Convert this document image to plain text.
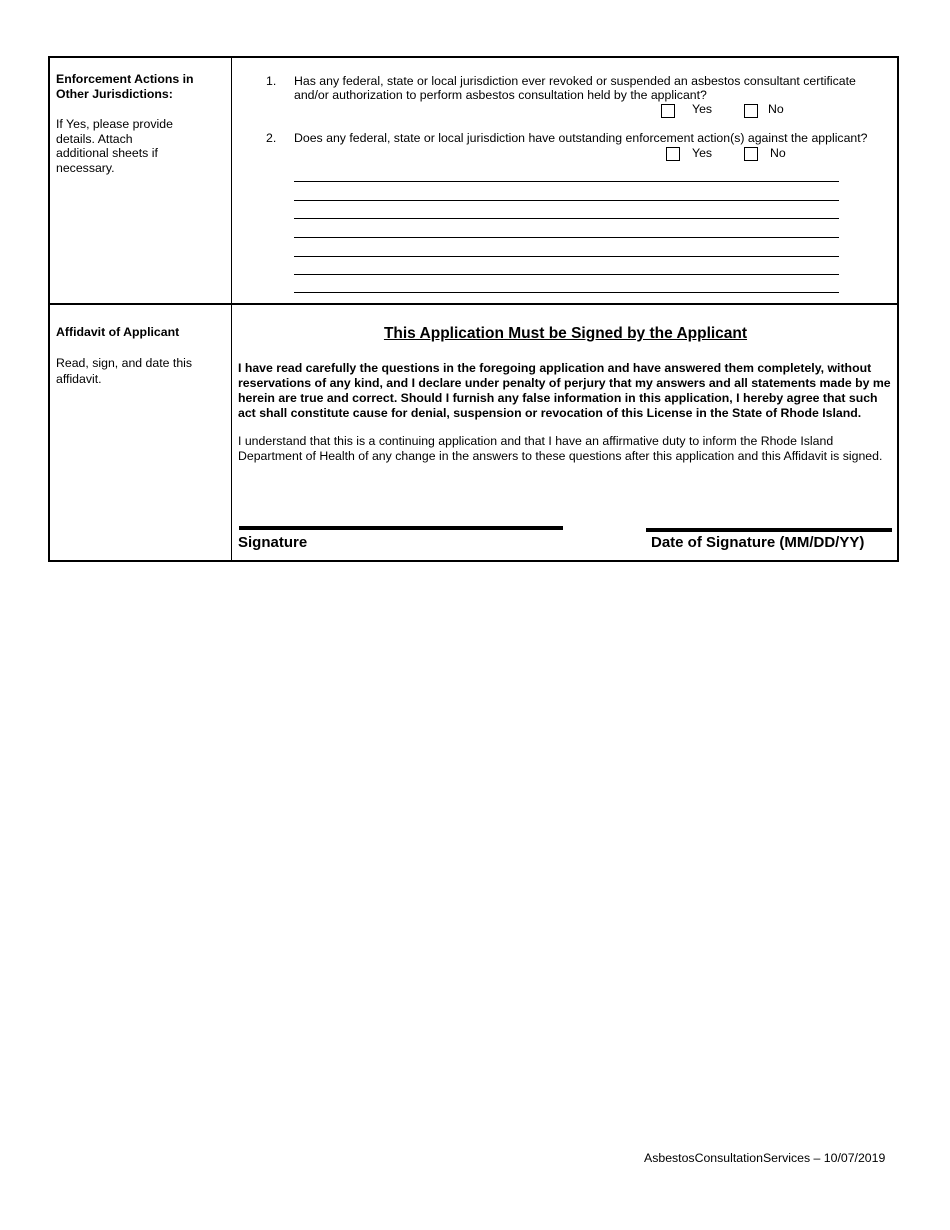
Enforcement Actions in Other Jurisdictions:
If Yes, please provide details. Attach additional sheets if necessary.
1. Has any federal, state or local jurisdiction ever revoked or suspended an asbestos consultant certificate
and/or authorization to perform asbestos consultation held by the applicant?
Yes	No
2. Does any federal, state or local jurisdiction have outstanding enforcement action(s) against the applicant?
Yes	No
Affidavit of Applicant
Read, sign, and date this affidavit.
This Application Must be Signed by the Applicant
I have read carefully the questions in the foregoing application and have answered them completely, without reservations of any kind, and I declare under penalty of perjury that my answers and all statements made by me herein are true and correct. Should I furnish any false information in this application, I hereby agree that such act shall constitute cause for denial, suspension or revocation of this License in the State of Rhode Island.
I understand that this is a continuing application and that I have an affirmative duty to inform the Rhode Island Department of Health of any change in the answers to these questions after this application and this Affidavit is signed.
Signature	Date of Signature (MM/DD/YY)
AsbestosConsultationServices – 10/07/2019
